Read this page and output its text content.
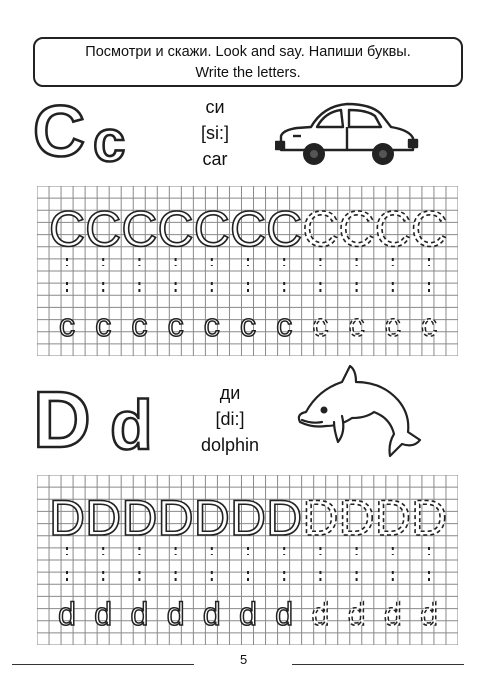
Посмотри и скажи. Look and say. Напиши буквы.
Write the letters.
C c
си
[si:]
car
C
c
C
c
C
c
C
c
C
c
C
c
C
c
C
c
C
c
C
c
C
c
D d	ди
[di:]
dolphin
D
d
D
d
D
d
D
d
D
d
D
d
D
d
D
d
D
d
D
d
D
d
5
